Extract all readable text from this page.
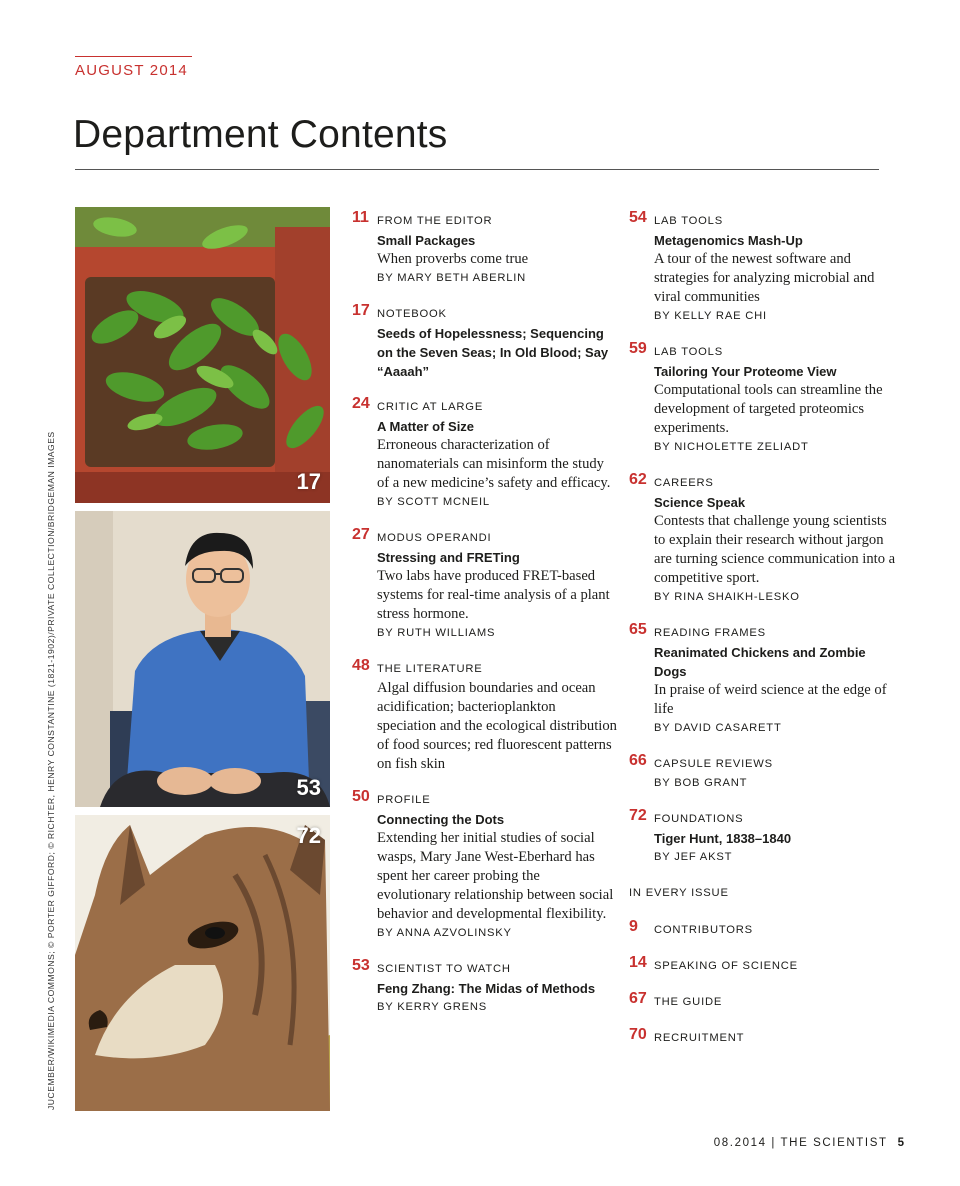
AUGUST 2014
Department Contents
JUCEMBER/WIKIMEDIA COMMONS; © PORTER GIFFORD; © RICHTER, HENRY CONSTANTINE (1821-1902)/PRIVATE COLLECTION/BRIDGEMAN IMAGES	17
53
72
11 FROM THE EDITOR
Small Packages
When proverbs come true
BY MARY BETH ABERLIN
17 NOTEBOOK
Seeds of Hopelessness; Sequencing on the Seven Seas; In Old Blood; Say “Aaaah”
24 CRITIC AT LARGE
A Matter of Size
Erroneous characterization of nanomaterials can misinform the study of a new medicine’s safety and efficacy.
BY SCOTT MCNEIL
27 MODUS OPERANDI
Stressing and FRETing
Two labs have produced FRET-based systems for real-time analysis of a plant stress hormone.
BY RUTH WILLIAMS
48 THE LITERATURE
Algal diffusion boundaries and ocean acidification; bacterioplankton speciation and the ecological distribution of food sources; red fluorescent patterns on fish skin
50 PROFILE
Connecting the Dots
Extending her initial studies of social wasps, Mary Jane West-Eberhard has spent her career probing the evolutionary relationship between social behavior and developmental flexibility.
BY ANNA AZVOLINSKY
53 SCIENTIST TO WATCH
Feng Zhang: The Midas of Methods
BY KERRY GRENS
54 LAB TOOLS
Metagenomics Mash-Up
A tour of the newest software and strategies for analyzing microbial and viral communities
BY KELLY RAE CHI
59 LAB TOOLS
Tailoring Your Proteome View
Computational tools can streamline the development of targeted proteomics experiments.
BY NICHOLETTE ZELIADT
62 CAREERS
Science Speak
Contests that challenge young scientists to explain their research without jargon are turning science communication into a competitive sport.
BY RINA SHAIKH-LESKO
65 READING FRAMES
Reanimated Chickens and Zombie Dogs
In praise of weird science at the edge of life
BY DAVID CASARETT
66 CAPSULE REVIEWS
BY BOB GRANT
72 FOUNDATIONS
Tiger Hunt, 1838–1840
BY JEF AKST
IN EVERY ISSUE
9 CONTRIBUTORS
14 SPEAKING OF SCIENCE
67 THE GUIDE
70 RECRUITMENT
08.2014 | THE SCIENTIST 5
